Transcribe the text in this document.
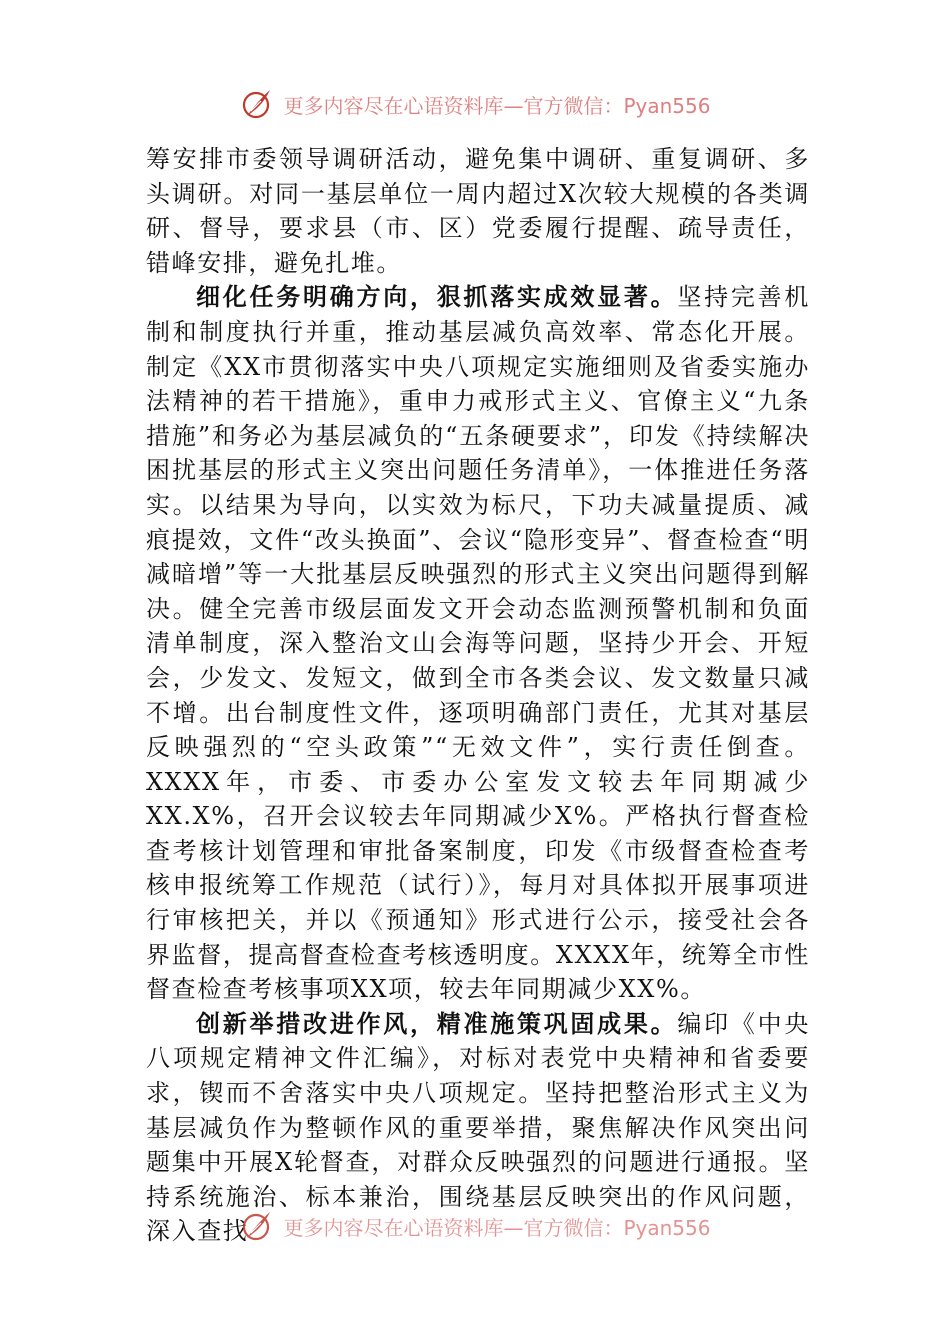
更多内容尽在心语资料库—官方微信：Pyan556

筹安排市委领导调研活动，避免集中调研、重复调研、多头调研。对同一基层单位一周内超过X次较大规模的各类调研、督导，要求县（市、区）党委履行提醒、疏导责任，错峰安排，避免扎堆。

细化任务明确方向，狠抓落实成效显著。坚持完善机制和制度执行并重，推动基层减负高效率、常态化开展。制定《XX市贯彻落实中央八项规定实施细则及省委实施办法精神的若干措施》，重申力戒形式主义、官僚主义“九条措施”和务必为基层减负的“五条硬要求”，印发《持续解决困扰基层的形式主义突出问题任务清单》，一体推进任务落实。以结果为导向，以实效为标尺，下功夫减量提质、减痕提效，文件“改头换面”、会议“隐形变异”、督查检查“明减暗增”等一大批基层反映强烈的形式主义突出问题得到解决。健全完善市级层面发文开会动态监测预警机制和负面清单制度，深入整治文山会海等问题，坚持少开会、开短会，少发文、发短文，做到全市各类会议、发文数量只减不增。出台制度性文件，逐项明确部门责任，尤其对基层反映强烈的“空头政策”“无效文件”，实行责任倒查。XXXX年，市委、市委办公室发文较去年同期减少XX.X%，召开会议较去年同期减少X%。严格执行督查检查考核计划管理和审批备案制度，印发《市级督查检查考核申报统筹工作规范（试行）》，每月对具体拟开展事项进行审核把关，并以《预通知》形式进行公示，接受社会各界监督，提高督查检查考核透明度。XXXX年，统筹全市性督查检查考核事项XX项，较去年同期减少XX%。

创新举措改进作风，精准施策巩固成果。编印《中央八项规定精神文件汇编》，对标对表党中央精神和省委要求，锲而不舍落实中央八项规定。坚持把整治形式主义为基层减负作为整顿作风的重要举措，聚焦解决作风突出问题集中开展X轮督查，对群众反映强烈的问题进行通报。坚持系统施治、标本兼治，围绕基层反映突出的作风问题，深入查找	更多内容尽在心语资料库—官方微信：Pyan556
